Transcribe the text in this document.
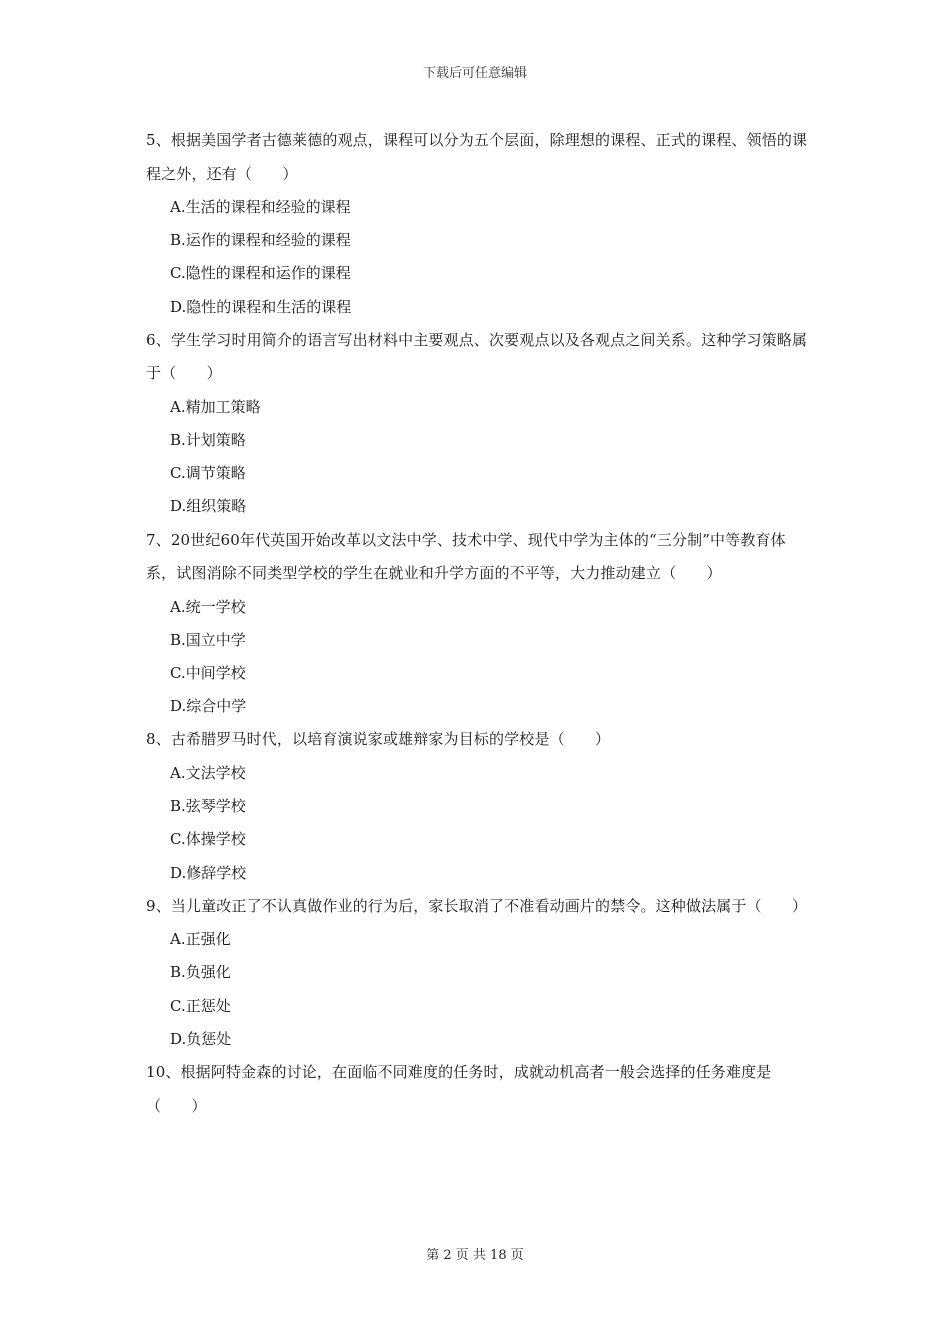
下载后可任意编辑

5、根据美国学者古德莱德的观点，课程可以分为五个层面，除理想的课程、正式的课程、领悟的课程之外，还有（　　）

A.生活的课程和经验的课程
B.运作的课程和经验的课程
C.隐性的课程和运作的课程
D.隐性的课程和生活的课程

6、学生学习时用简介的语言写出材料中主要观点、次要观点以及各观点之间关系。这种学习策略属于（　　）

A.精加工策略
B.计划策略
C.调节策略
D.组织策略

7、20世纪60年代英国开始改革以文法中学、技术中学、现代中学为主体的“三分制”中等教育体系，试图消除不同类型学校的学生在就业和升学方面的不平等，大力推动建立（　　）

A.统一学校
B.国立中学
C.中间学校
D.综合中学

8、古希腊罗马时代，以培育演说家或雄辩家为目标的学校是（　　）

A.文法学校
B.弦琴学校
C.体操学校
D.修辞学校

9、当儿童改正了不认真做作业的行为后，家长取消了不准看动画片的禁令。这种做法属于（　　）

A.正强化
B.负强化
C.正惩处
D.负惩处

10、根据阿特金森的讨论，在面临不同难度的任务时，成就动机高者一般会选择的任务难度是（　　）

第 2 页 共 18 页
